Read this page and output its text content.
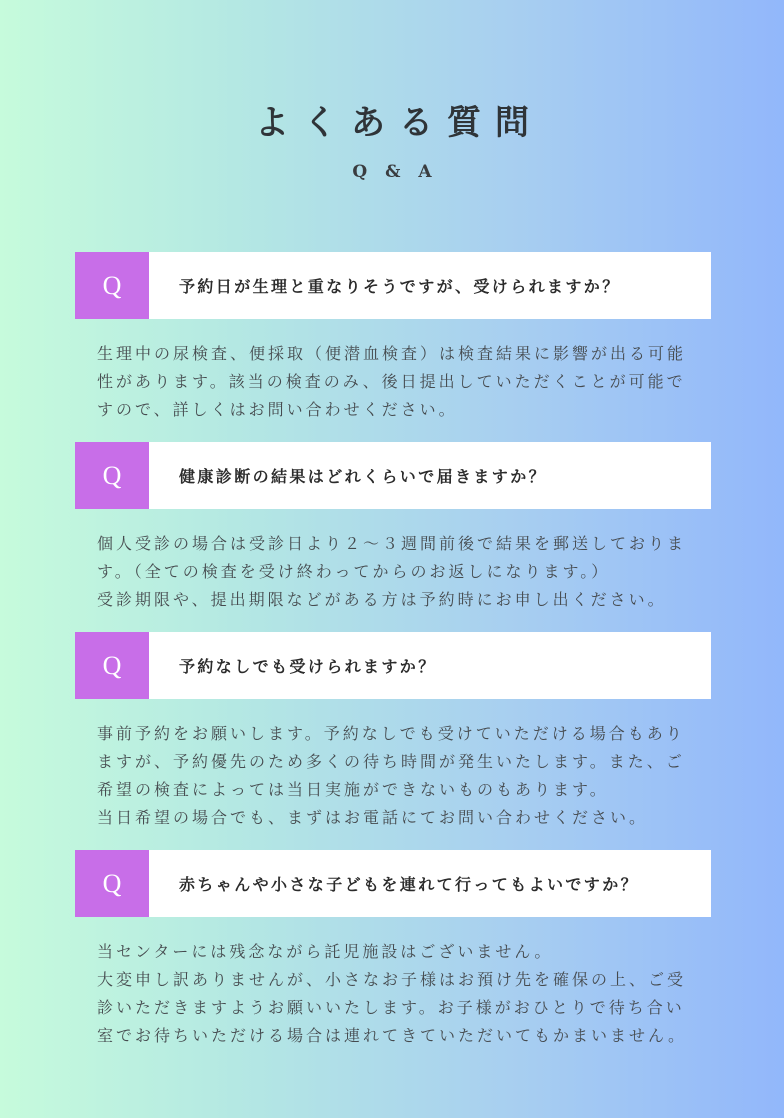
よくある質問
Q & A
Q	予約日が生理と重なりそうですが、受けられますか？

生理中の尿検査、便採取（便潜血検査）は検査結果に影響が出る可能性があります。該当の検査のみ、後日提出していただくことが可能ですので、詳しくはお問い合わせください。

Q	健康診断の結果はどれくらいで届きますか？

個人受診の場合は受診日より２～３週間前後で結果を郵送しております。（全ての検査を受け終わってからのお返しになります。）

受診期限や、提出期限などがある方は予約時にお申し出ください。

Q	予約なしでも受けられますか？

事前予約をお願いします。予約なしでも受けていただける場合もありますが、予約優先のため多くの待ち時間が発生いたします。また、ご希望の検査によっては当日実施ができないものもあります。

当日希望の場合でも、まずはお電話にてお問い合わせください。

Q	赤ちゃんや小さな子どもを連れて行ってもよいですか？

当センターには残念ながら託児施設はございません。

大変申し訳ありませんが、小さなお子様はお預け先を確保の上、ご受診いただきますようお願いいたします。お子様がおひとりで待ち合い室でお待ちいただける場合は連れてきていただいてもかまいません。
